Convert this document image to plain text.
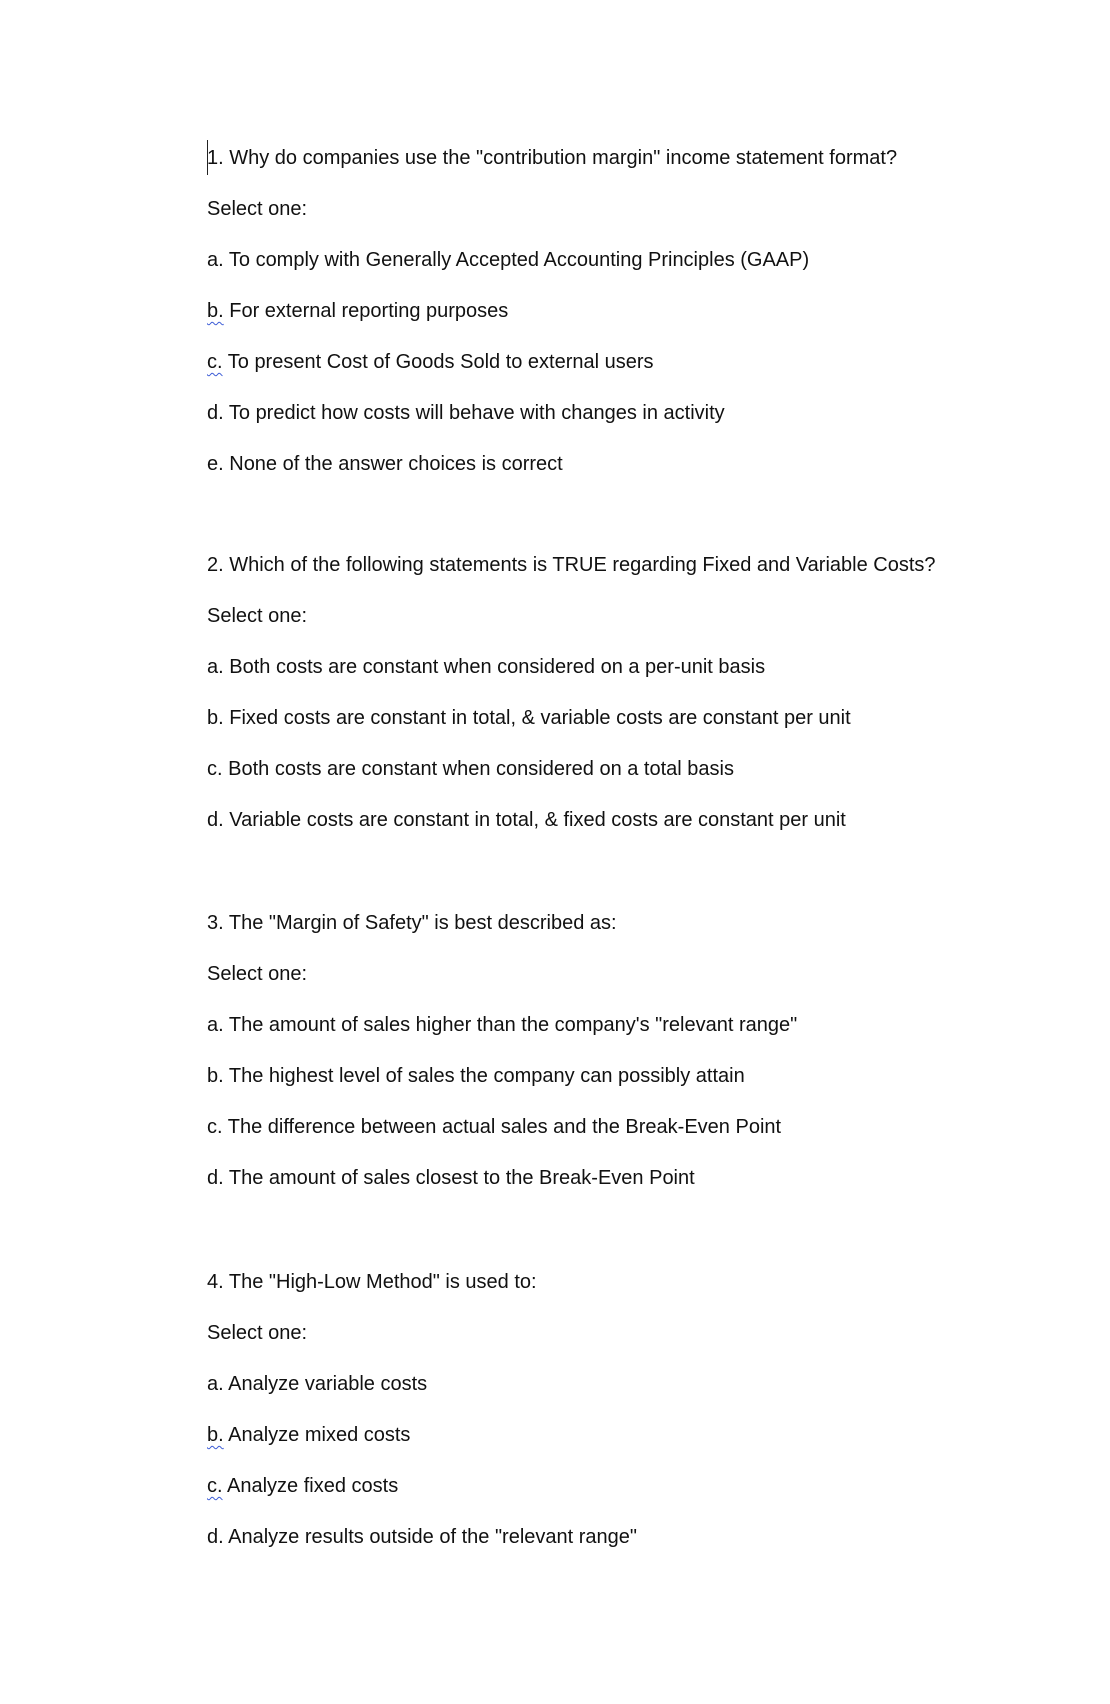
1. Why do companies use the "contribution margin" income statement format?

Select one:

a. To comply with Generally Accepted Accounting Principles (GAAP)

b. For external reporting purposes

c. To present Cost of Goods Sold to external users

d. To predict how costs will behave with changes in activity

e. None of the answer choices is correct

2. Which of the following statements is TRUE regarding Fixed and Variable Costs?

Select one:

a. Both costs are constant when considered on a per-unit basis

b. Fixed costs are constant in total, & variable costs are constant per unit

c. Both costs are constant when considered on a total basis

d. Variable costs are constant in total, & fixed costs are constant per unit

3. The "Margin of Safety" is best described as:

Select one:

a. The amount of sales higher than the company's "relevant range"

b. The highest level of sales the company can possibly attain

c. The difference between actual sales and the Break-Even Point

d. The amount of sales closest to the Break-Even Point

4. The "High-Low Method" is used to:

Select one:

a. Analyze variable costs

b. Analyze mixed costs

c. Analyze fixed costs

d. Analyze results outside of the "relevant range"
